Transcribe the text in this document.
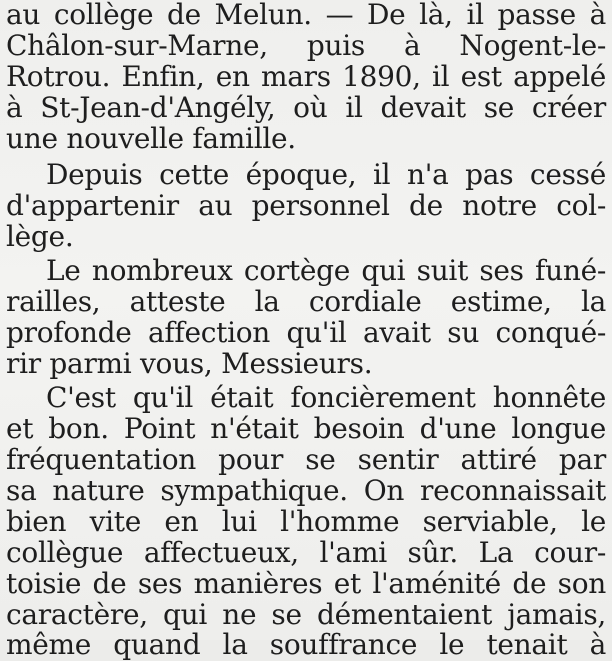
au collège de Melun. — De là, il passe à
Châlon-sur-Marne, puis à Nogent-le-
Rotrou. Enfin, en mars 1890, il est appelé
à St-Jean-d'Angély, où il devait se créer
une nouvelle famille.
Depuis cette époque, il n'a pas cessé
d'appartenir au personnel de notre col-
lège.
Le nombreux cortège qui suit ses funé-
railles, atteste la cordiale estime, la
profonde affection qu'il avait su conqué-
rir parmi vous, Messieurs.
C'est qu'il était foncièrement honnête
et bon. Point n'était besoin d'une longue
fréquentation pour se sentir attiré par
sa nature sympathique. On reconnaissait
bien vite en lui l'homme serviable, le
collègue affectueux, l'ami sûr. La cour-
toisie de ses manières et l'aménité de son
caractère, qui ne se démentaient jamais,
même quand la souffrance le tenait à
